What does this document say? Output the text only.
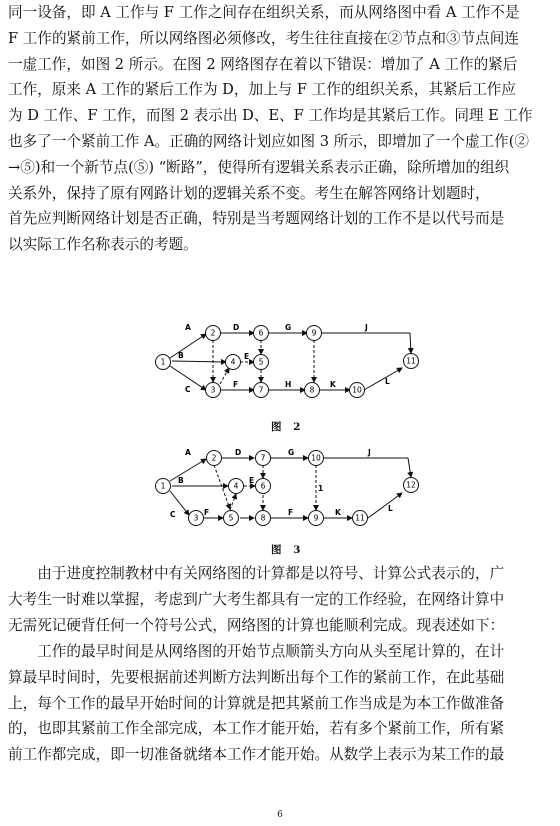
同一设备，即 A 工作与 F 工作之间存在组织关系，而从网络图中看 A 工作不是

F 工作的紧前工作，所以网络图必须修改，考生往往直接在②节点和③节点间连

一虚工作，如图 2 所示。在图 2 网络图存在着以下错误：增加了 A 工作的紧后

工作，原来 A 工作的紧后工作为 D，加上与 F 工作的组织关系，其紧后工作应

为 D 工作、F 工作，而图 2 表示出 D、E、F 工作均是其紧后工作。同理 E 工作

也多了一个紧前工作 A。正确的网络计划应如图 3 所示，即增加了一个虚工作(②

→⑤)和一个新节点(⑤) “断路”，使得所有逻辑关系表示正确，除所增加的组织

关系外，保持了原有网路计划的逻辑关系不变。考生在解答网络计划题时，

首先应判断网络计划是否正确，特别是当考题网络计划的工作不是以代号而是

以实际工作名称表示的考题。

A
B
C
D
E
F
G
H
J
K	L
1
2
3
4	5
6
7	8
9
10
11
图 2
A
B
C
D
E
F	F
G	J
K	L
1
1
2
3
4
5
6
7
8	9
10
11
12
图 3

由于进度控制教材中有关网络图的计算都是以符号、计算公式表示的，广

大考生一时难以掌握，考虑到广大考生都具有一定的工作经验，在网络计算中

无需死记硬背任何一个符号公式，网络图的计算也能顺利完成。现表述如下：

工作的最早时间是从网络图的开始节点顺箭头方向从头至尾计算的，在计

算最早时间时，先要根据前述判断方法判断出每个工作的紧前工作，在此基础

上，每个工作的最早开始时间的计算就是把其紧前工作当成是为本工作做准备

的，也即其紧前工作全部完成，本工作才能开始，若有多个紧前工作，所有紧

前工作都完成，即一切准备就绪本工作才能开始。从数学上表示为某工作的最

6
